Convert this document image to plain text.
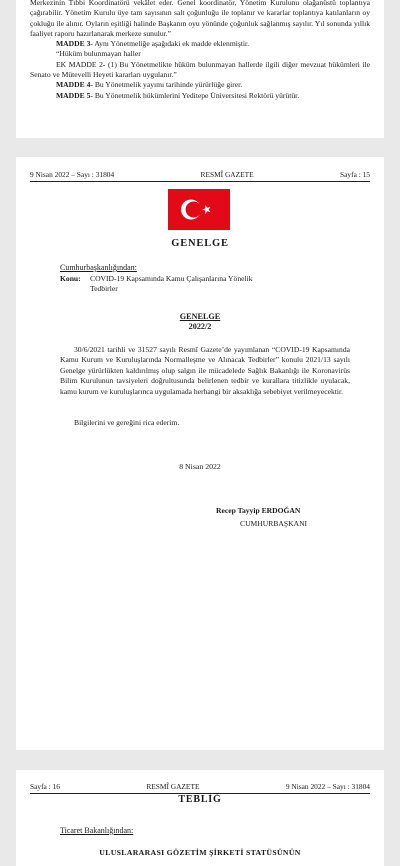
Merkezinin Tıbbi Koordinatörü vekâlet eder. Genel koordinatör, Yönetim Kurulunu olağanüstü toplantıya çağırabilir. Yönetim Kurulu üye tam sayısının salt çoğunluğu ile toplanır ve kararlar toplantıya katılanların oy çokluğu ile alınır. Oyların eşitliği halinde Başkanın oyu yönünde çoğunluk sağlanmış sayılır. Yıl sonunda yıllık faaliyet raporu hazırlanarak merkeze sunulur.”
MADDE 3- Aynı Yönetmeliğe aşağıdaki ek madde eklenmiştir.
“Hüküm bulunmayan haller
EK MADDE 2- (1) Bu Yönetmelikte hüküm bulunmayan hallerde ilgili diğer mevzuat hükümleri ile Senato ve Mütevelli Heyeti kararları uygulanır.”
MADDE 4- Bu Yönetmelik yayımı tarihinde yürürlüğe girer.
MADDE 5- Bu Yönetmelik hükümlerini Yeditepe Üniversitesi Rektörü yürütür.
9 Nisan 2022 – Sayı : 31804	RESMÎ GAZETE	Sayfa : 15
GENELGE
Cumhurbaşkanlığından:
Konu: COVID-19 Kapsamında Kamu Çalışanlarına Yönelik Tedbirler
GENELGE
2022/2
30/6/2021 tarihli ve 31527 sayılı Resmî Gazete’de yayımlanan “COVID-19 Kapsamında Kamu Kurum ve Kuruluşlarında Normalleşme ve Alınacak Tedbirler” konulu 2021/13 sayılı Genelge yürürlükten kaldırılmış olup salgın ile mücadelede Sağlık Bakanlığı ile Koronavirüs Bilim Kurulunun tavsiyeleri doğrultusunda belirlenen tedbir ve kurallara titizlikle uyulacak, kamu kurum ve kuruluşlarınca uygulamada herhangi bir aksaklığa sebebiyet verilmeyecektir.
Bilgilerini ve gereğini rica ederim.
8 Nisan 2022
Recep Tayyip ERDOĞAN
CUMHURBAŞKANI
Sayfa : 16	RESMÎ GAZETE	9 Nisan 2022 – Sayı : 31804
TEBLİĞ
Ticaret Bakanlığından:
ULUSLARARASI GÖZETİM ŞİRKETİ STATÜSÜNÜN
